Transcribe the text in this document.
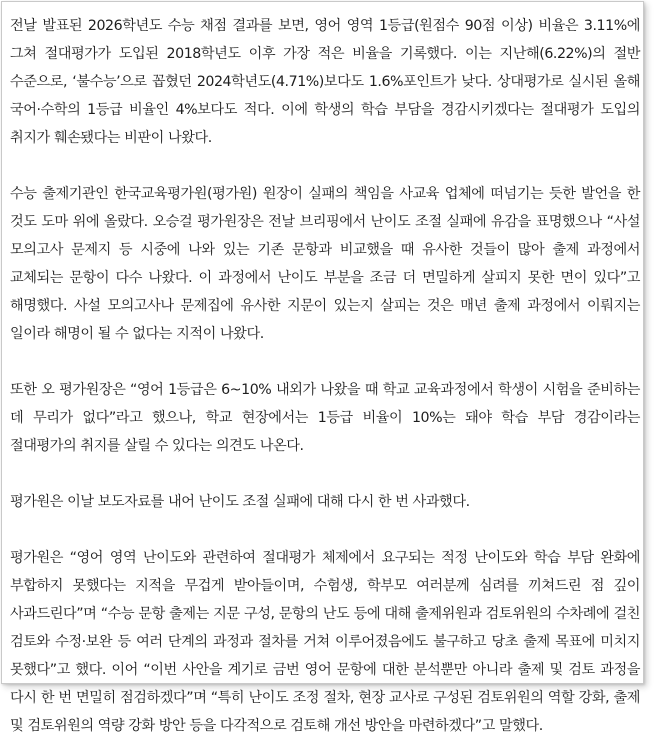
전날 발표된 2026학년도 수능 채점 결과를 보면, 영어 영역 1등급(원점수 90점 이상) 비율은 3.11%에 그쳐 절대평가가 도입된 2018학년도 이후 가장 적은 비율을 기록했다. 이는 지난해(6.22%)의 절반 수준으로, ‘불수능’으로 꼽혔던 2024학년도(4.71%)보다도 1.6%포인트가 낮다. 상대평가로 실시된 올해 국어·수학의 1등급 비율인 4%보다도 적다. 이에 학생의 학습 부담을 경감시키겠다는 절대평가 도입의 취지가 훼손됐다는 비판이 나왔다.

수능 출제기관인 한국교육평가원(평가원) 원장이 실패의 책임을 사교육 업체에 떠넘기는 듯한 발언을 한 것도 도마 위에 올랐다. 오승걸 평가원장은 전날 브리핑에서 난이도 조절 실패에 유감을 표명했으나 “사설 모의고사 문제지 등 시중에 나와 있는 기존 문항과 비교했을 때 유사한 것들이 많아 출제 과정에서 교체되는 문항이 다수 나왔다. 이 과정에서 난이도 부분을 조금 더 면밀하게 살피지 못한 면이 있다”고 해명했다. 사설 모의고사나 문제집에 유사한 지문이 있는지 살피는 것은 매년 출제 과정에서 이뤄지는 일이라 해명이 될 수 없다는 지적이 나왔다.

또한 오 평가원장은 “영어 1등급은 6~10% 내외가 나왔을 때 학교 교육과정에서 학생이 시험을 준비하는 데 무리가 없다”라고 했으나, 학교 현장에서는 1등급 비율이 10%는 돼야 학습 부담 경감이라는 절대평가의 취지를 살릴 수 있다는 의견도 나온다.

평가원은 이날 보도자료를 내어 난이도 조절 실패에 대해 다시 한 번 사과했다.

평가원은 “영어 영역 난이도와 관련하여 절대평가 체제에서 요구되는 적정 난이도와 학습 부담 완화에 부합하지 못했다는 지적을 무겁게 받아들이며, 수험생, 학부모 여러분께 심려를 끼쳐드린 점 깊이 사과드린다”며 “수능 문항 출제는 지문 구성, 문항의 난도 등에 대해 출제위원과 검토위원의 수차례에 걸친 검토와 수정·보완 등 여러 단계의 과정과 절차를 거쳐 이루어졌음에도 불구하고 당초 출제 목표에 미치지 못했다”고 했다. 이어 “이번 사안을 계기로 금번 영어 문항에 대한 분석뿐만 아니라 출제 및 검토 과정을 다시 한 번 면밀히 점검하겠다”며 “특히 난이도 조정 절차, 현장 교사로 구성된 검토위원의 역할 강화, 출제 및 검토위원의 역량 강화 방안 등을 다각적으로 검토해 개선 방안을 마련하겠다”고 말했다.
